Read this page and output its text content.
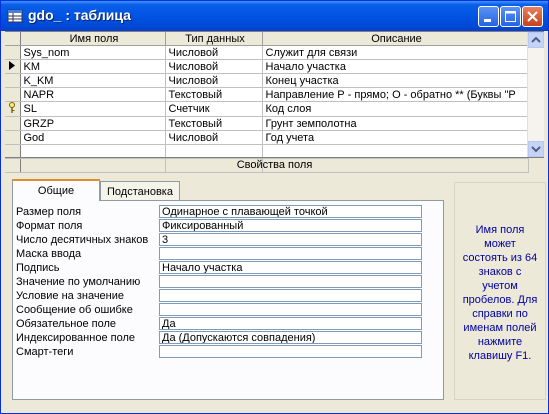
gdo_ : таблица
	Имя поля	Тип данных	Описание
	Sys_nom	Числовой	Служит для связи
	KM	Числовой	Начало участка
	K_KM	Числовой	Конец участка
	NAPR	Текстовый	Направление Р - прямо; О - обратно ** (Буквы "Р
	SL	Счетчик	Код слоя
	GRZP	Текстовый	Грунт земполотна
	God	Числовой	Год учета

Свойства поля
Общие	Подстановка
Размер поля	Одинарное с плавающей точкой
Формат поля	Фиксированный
Число десятичных знаков 3
Маска ввода
Подпись	Начало участка
Значение по умолчанию
Условие на значение
Сообщение об ошибке
Обязательное поле	Да
Индексированное поле Да (Допускаются совпадения)
Смарт-теги
Имя поля может состоять из 64 знаков с учетом пробелов. Для справки по именам полей нажмите клавишу F1.
